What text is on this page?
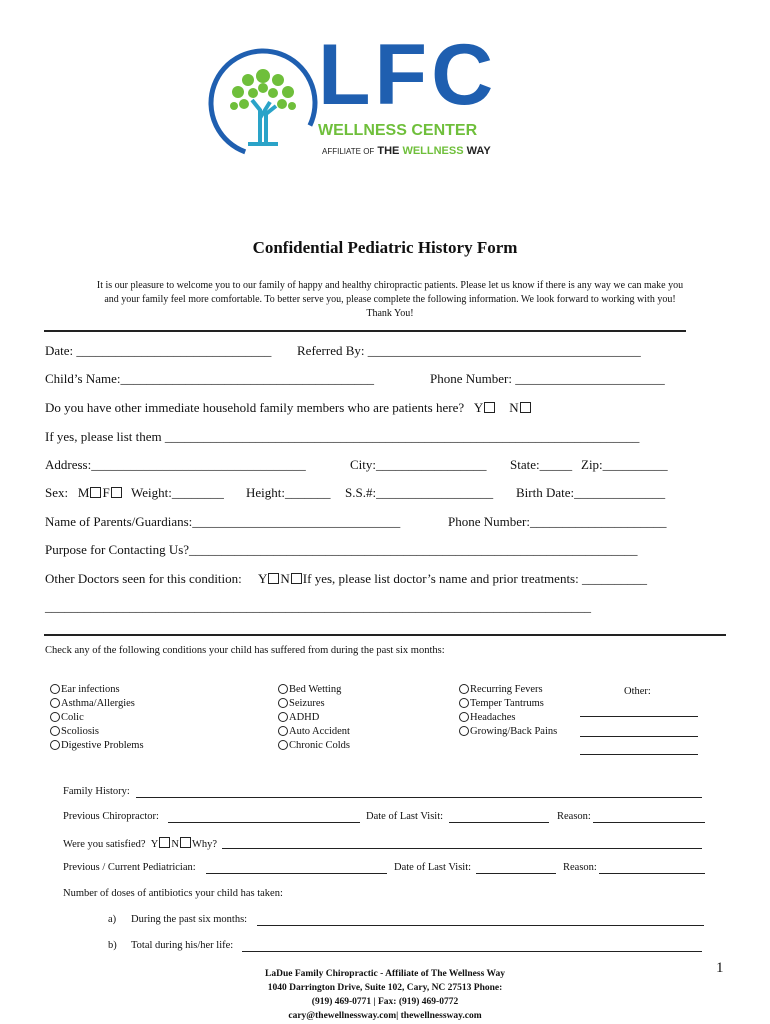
LFC
WELLNESS CENTER
AFFILIATE OF THE WELLNESS WAY
Confidential Pediatric History Form
It is our pleasure to welcome you to our family of happy and healthy chiropractic patients. Please let us know if there is any way we can make you
and your family feel more comfortable. To better serve you, please complete the following information. We look forward to working with you!
Thank You!
Date: ______________________________ Referred By: __________________________________________
Child’s Name:_______________________________________	Phone Number: _______________________
Do you have other immediate household family members who are patients here? Y N
If yes, please list them _________________________________________________________________________
Address:_________________________________	City:_________________ State:_____ Zip:__________
Sex: M F	Weight:________ Height:_______ S.S.#:__________________ Birth Date:______________
Name of Parents/Guardians:________________________________	Phone Number:_____________________
Purpose for Contacting Us?_____________________________________________________________________
Other Doctors seen for this condition: Y N If yes, please list doctor’s name and prior treatments: __________
____________________________________________________________________________________
Check any of the following conditions your child has suffered from during the past six months:
Ear infections
Asthma/Allergies
Colic
Scoliosis
Digestive Problems
Bed Wetting
Seizures
ADHD
Auto Accident
Chronic Colds
Recurring Fevers
Temper Tantrums
Headaches
Growing/Back Pains
Other:
Family History:
Previous Chiropractor:	Date of Last Visit:	Reason:
Were you satisfied? Y N Why?
Previous / Current Pediatrician:	Date of Last Visit:	Reason:
Number of doses of antibiotics your child has taken:
a) During the past six months:
b) Total during his/her life:
LaDue Family Chiropractic - Affiliate of The Wellness Way
1040 Darrington Drive, Suite 102, Cary, NC 27513 Phone:
(919) 469-0771 | Fax: (919) 469-0772
cary@thewellnessway.com| thewellnessway.com
1
